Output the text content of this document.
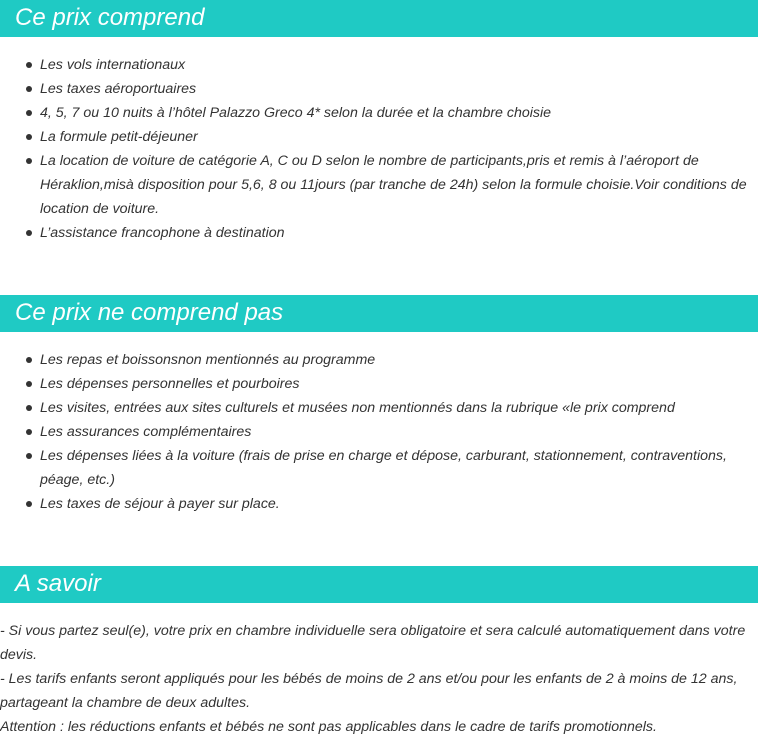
Ce prix comprend
Les vols internationaux
Les taxes aéroportuaires
4, 5, 7 ou 10 nuits à l’hôtel Palazzo Greco 4* selon la durée et la chambre choisie
La formule petit-déjeuner
La location de voiture de catégorie A, C ou D selon le nombre de participants,pris et remis à l’aéroport de Héraklion,misà disposition pour 5,6, 8 ou 11jours (par tranche de 24h) selon la formule choisie.Voir conditions de location de voiture.
L’assistance francophone à destination
Ce prix ne comprend pas
Les repas et boissonsnon mentionnés au programme
Les dépenses personnelles et pourboires
Les visites, entrées aux sites culturels et musées non mentionnés dans la rubrique «le prix comprend
Les assurances complémentaires
Les dépenses liées à la voiture (frais de prise en charge et dépose, carburant, stationnement, contraventions, péage, etc.)
Les taxes de séjour à payer sur place.
A savoir

- Si vous partez seul(e), votre prix en chambre individuelle sera obligatoire et sera calculé automatiquement dans votre devis.

- Les tarifs enfants seront appliqués pour les bébés de moins de 2 ans et/ou pour les enfants de 2 à moins de 12 ans, partageant la chambre de deux adultes.

Attention : les réductions enfants et bébés ne sont pas applicables dans le cadre de tarifs promotionnels.
